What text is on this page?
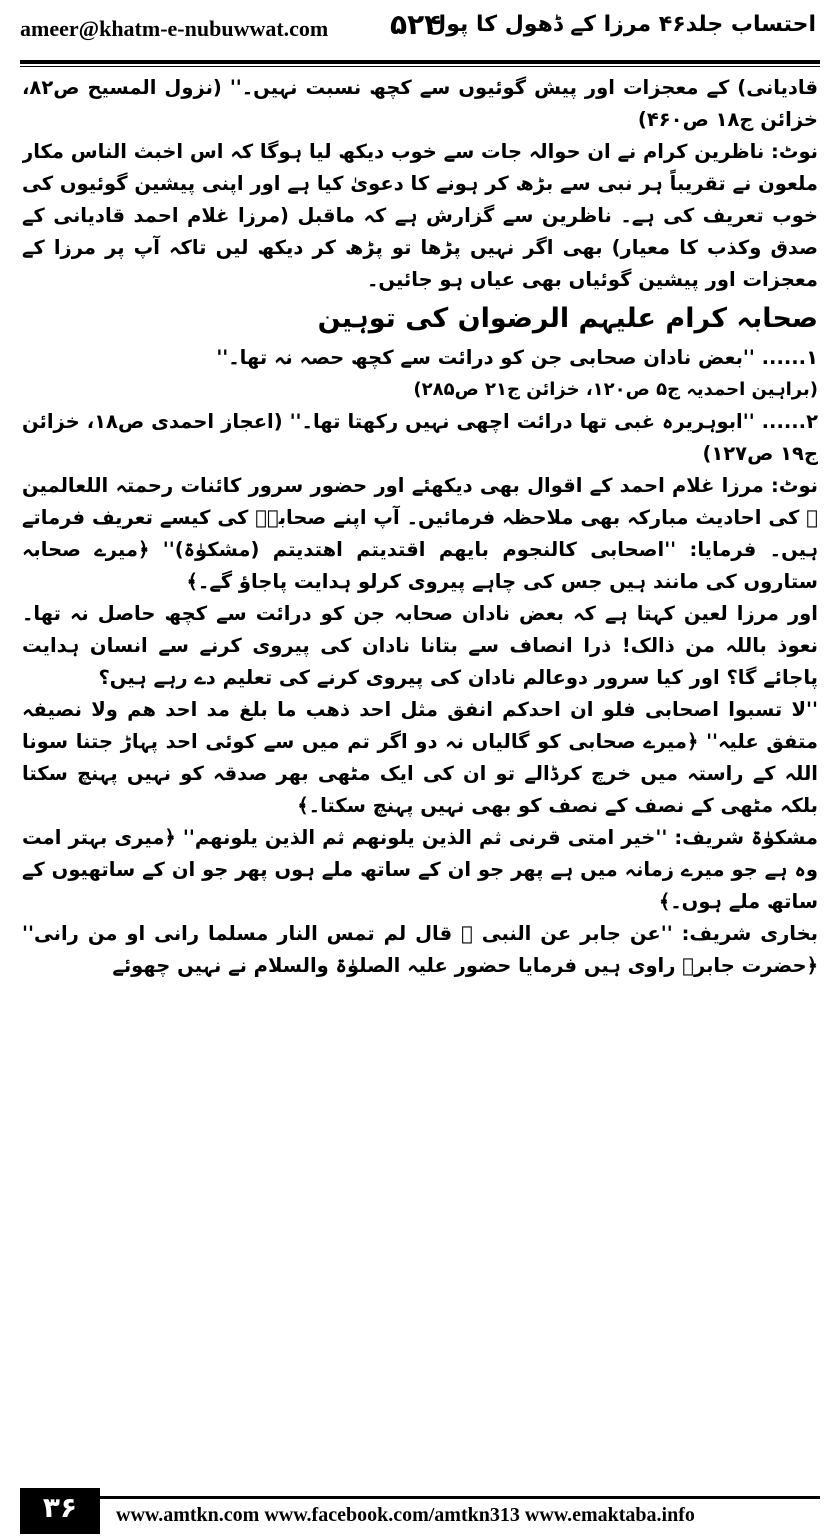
ameer@khatm-e-nubuwwat.com ۵۲۴
احتساب جلد۴۶ مرزا کے ڈھول کا پول

قادیانی) کے معجزات اور پیش گوئیوں سے کچھ نسبت نہیں۔'' (نزول المسیح ص۸۲، خزائن ج۱۸ ص۴۶۰)

نوٹ: ناظرین کرام نے ان حوالہ جات سے خوب دیکھ لیا ہوگا کہ اس اخبث الناس مکار ملعون نے تقریباً ہر نبی سے بڑھ کر ہونے کا دعویٰ کیا ہے اور اپنی پیشین گوئیوں کی خوب تعریف کی ہے۔ ناظرین سے گزارش ہے کہ ماقبل (مرزا غلام احمد قادیانی کے صدق وکذب کا معیار) بھی اگر نہیں پڑھا تو پڑھ کر دیکھ لیں تاکہ آپ پر مرزا کے معجزات اور پیشین گوئیاں بھی عیاں ہو جائیں۔

صحابہ کرام علیہم الرضوان کی توہین

۱...... ''بعض نادان صحابی جن کو درائت سے کچھ حصہ نہ تھا۔''

(براہین احمدیہ ج۵ ص۱۲۰، خزائن ج۲۱ ص۲۸۵)

۲...... ''ابوہریرہ غبی تھا درائت اچھی نہیں رکھتا تھا۔'' (اعجاز احمدی ص۱۸، خزائن ج۱۹ ص۱۲۷)

نوٹ: مرزا غلام احمد کے اقوال بھی دیکھئے اور حضور سرور کائنات رحمتہ اللعالمین ﷺ کی احادیث مبارکہ بھی ملاحظہ فرمائیں۔ آپ اپنے صحابہؓ کی کیسے تعریف فرماتے ہیں۔ فرمایا: ''اصحابی کالنجوم بایھم اقتدیتم اھتدیتم (مشکوٰۃ)'' ﴿میرے صحابہ ستاروں کی مانند ہیں جس کی چاہے پیروی کرلو ہدایت پاجاؤ گے۔﴾

اور مرزا لعین کہتا ہے کہ بعض نادان صحابہ جن کو درائت سے کچھ حاصل نہ تھا۔ نعوذ باللہ من ذالک! ذرا انصاف سے بتانا نادان کی پیروی کرنے سے انسان ہدایت پاجائے گا؟ اور کیا سرور دوعالم نادان کی پیروی کرنے کی تعلیم دے رہے ہیں؟

''لا تسبوا اصحابی فلو ان احدکم انفق مثل احد ذھب ما بلغ مد احد ھم ولا نصیفہ متفق علیہ'' ﴿میرے صحابی کو گالیاں نہ دو اگر تم میں سے کوئی احد پہاڑ جتنا سونا اللہ کے راستہ میں خرچ کرڈالے تو ان کی ایک مٹھی بھر صدقہ کو نہیں پہنچ سکتا بلکہ مٹھی کے نصف کے نصف کو بھی نہیں پہنچ سکتا۔﴾

مشکوٰۃ شریف: ''خیر امتی قرنی ثم الذین یلونھم ثم الذین یلونھم'' ﴿میری بہتر امت وہ ہے جو میرے زمانہ میں ہے پھر جو ان کے ساتھ ملے ہوں پھر جو ان کے ساتھیوں کے ساتھ ملے ہوں۔﴾

بخاری شریف: ''عن جابر عن النبی ﷺ قال لم تمس النار مسلما رانی او من رانی'' ﴿حضرت جابرؓ راوی ہیں فرمایا حضور علیہ الصلوٰۃ والسلام نے نہیں چھوئے

۳۶	www.amtkn.com www.facebook.com/amtkn313 www.emaktaba.info
